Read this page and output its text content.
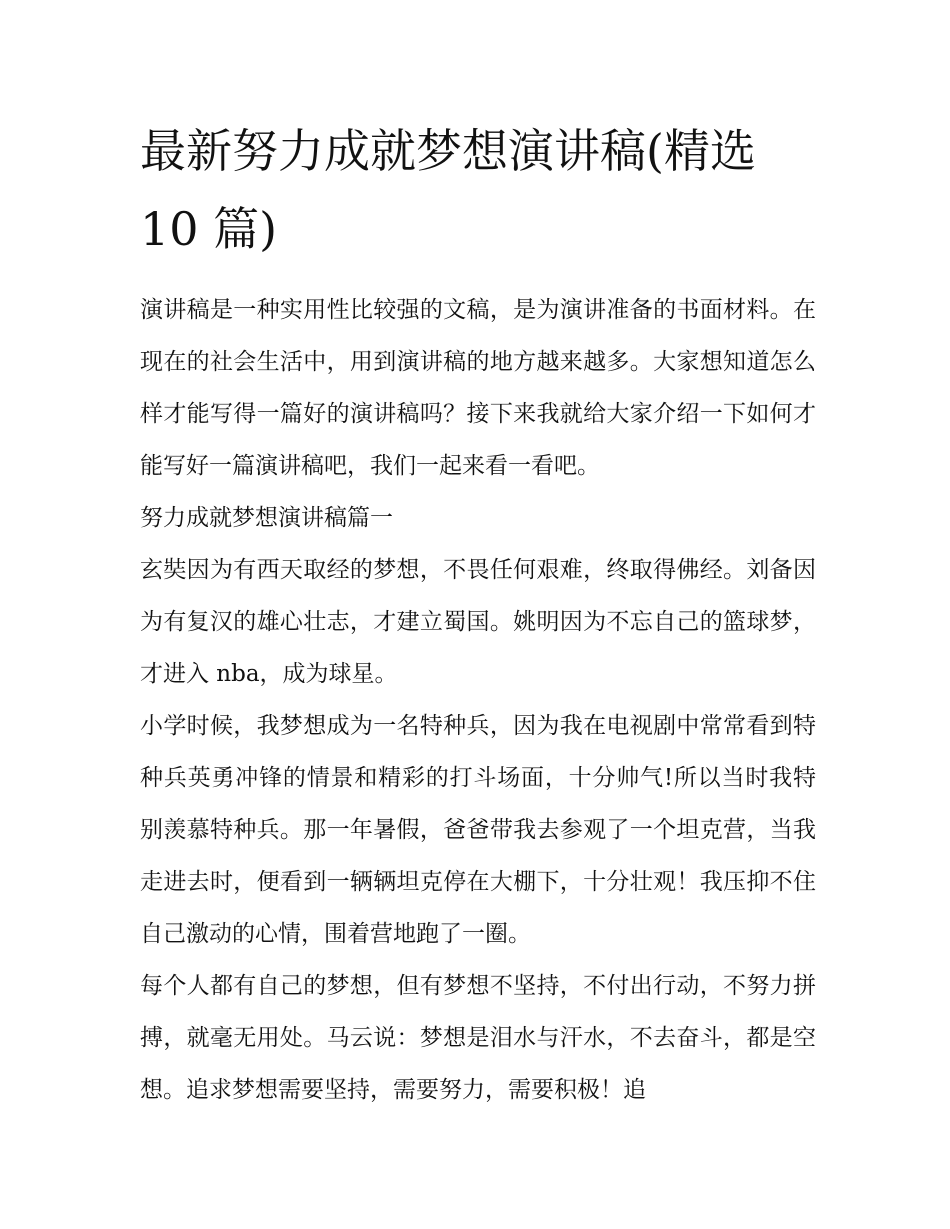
最新努力成就梦想演讲稿(精选 10 篇)

演讲稿是一种实用性比较强的文稿，是为演讲准备的书面材料。在现在的社会生活中，用到演讲稿的地方越来越多。大家想知道怎么样才能写得一篇好的演讲稿吗？接下来我就给大家介绍一下如何才能写好一篇演讲稿吧，我们一起来看一看吧。

努力成就梦想演讲稿篇一

玄奘因为有西天取经的梦想，不畏任何艰难，终取得佛经。刘备因为有复汉的雄心壮志，才建立蜀国。姚明因为不忘自己的篮球梦，才进入 nba，成为球星。

小学时候，我梦想成为一名特种兵，因为我在电视剧中常常看到特种兵英勇冲锋的情景和精彩的打斗场面，十分帅气!所以当时我特别羡慕特种兵。那一年暑假，爸爸带我去参观了一个坦克营，当我走进去时，便看到一辆辆坦克停在大棚下，十分壮观！我压抑不住自己激动的心情，围着营地跑了一圈。

每个人都有自己的梦想，但有梦想不坚持，不付出行动，不努力拼搏，就毫无用处。马云说：梦想是泪水与汗水，不去奋斗，都是空想。追求梦想需要坚持，需要努力，需要积极！追
